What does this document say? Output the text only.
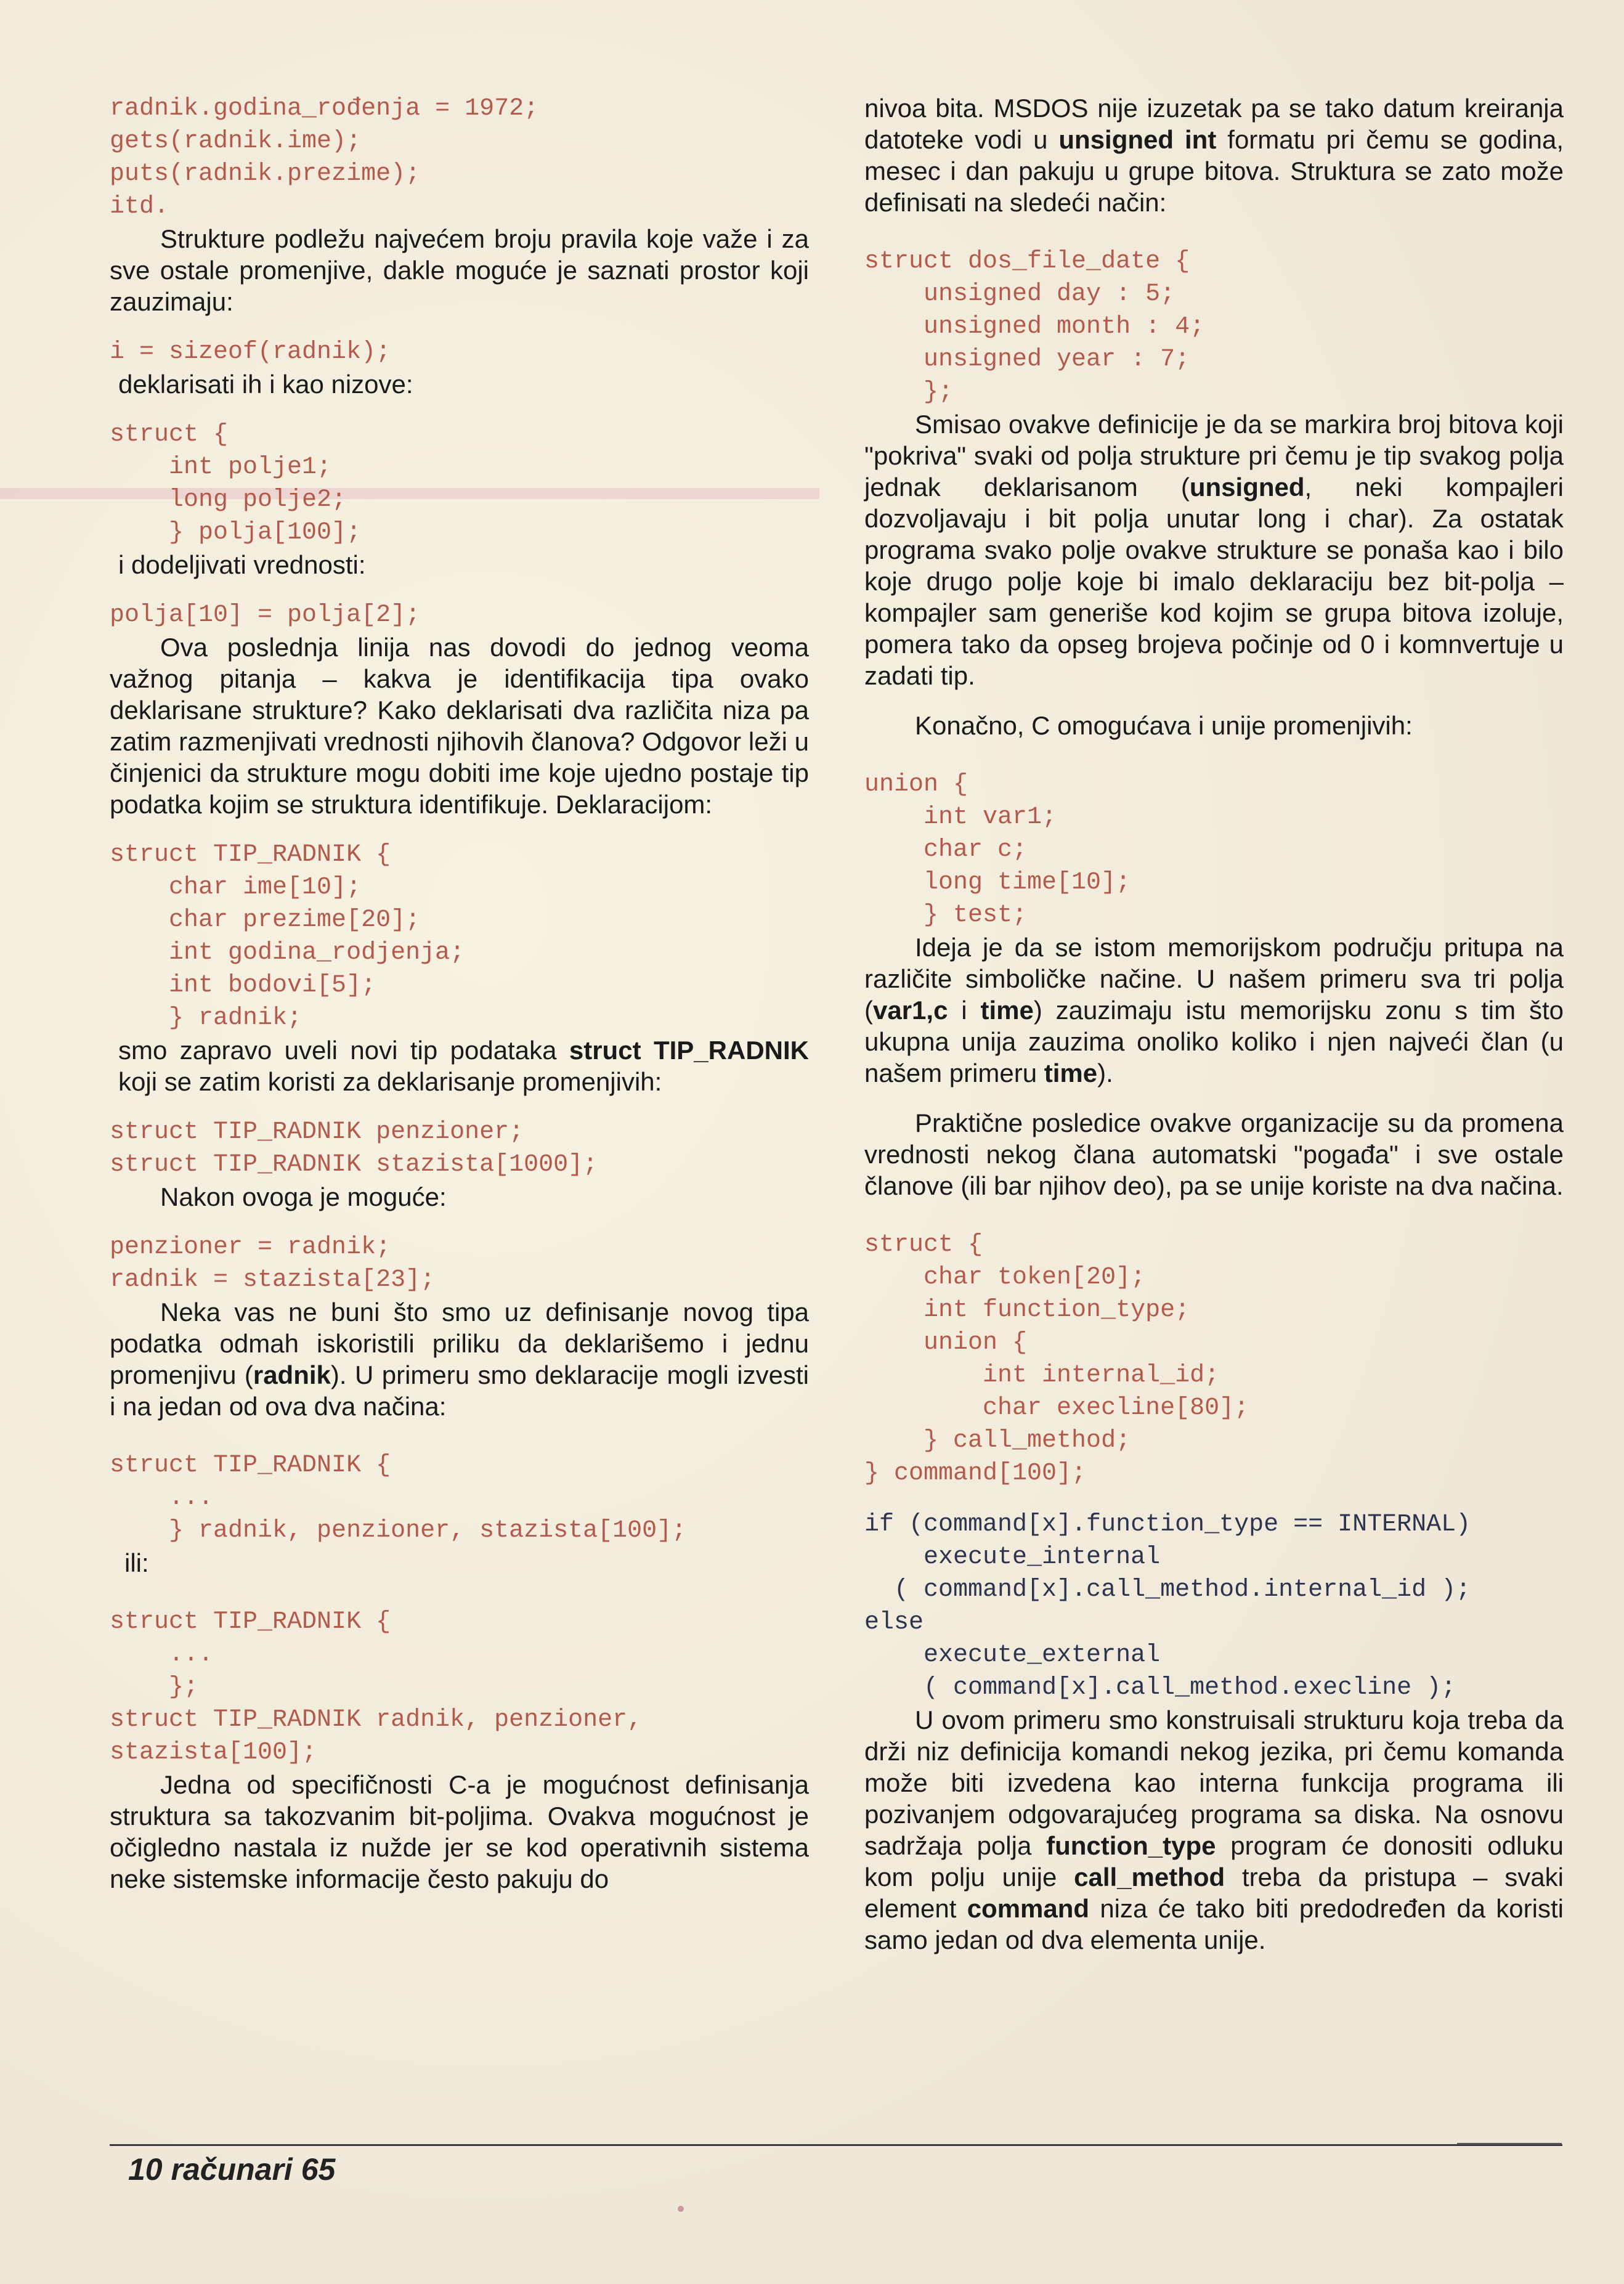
radnik.godina_rođenja = 1972;
gets(radnik.ime);
puts(radnik.prezime);
itd.

Strukture podležu najvećem broju pravila koje važe i za sve ostale promenjive, dakle moguće je saznati prostor koji zauzimaju:

i = sizeof(radnik);

deklarisati ih i kao nizove:

struct {
int polje1;
long polje2;
} polja[100];

i dodeljivati vrednosti:

polja[10] = polja[2];

Ova poslednja linija nas dovodi do jednog veoma važnog pitanja – kakva je identifikacija tipa ovako deklarisane strukture? Kako deklarisati dva različita niza pa zatim razmenjivati vrednosti njihovih članova? Odgovor leži u činjenici da strukture mogu dobiti ime koje ujedno postaje tip podatka kojim se struktura identifikuje. Deklaracijom:

struct TIP_RADNIK {
char ime[10];
char prezime[20];
int godina_rodjenja;
int bodovi[5];
} radnik;

smo zapravo uveli novi tip podataka struct TIP_RADNIK koji se zatim koristi za deklarisanje promenjivih:

struct TIP_RADNIK penzioner;
struct TIP_RADNIK stazista[1000];

Nakon ovoga je moguće:

penzioner = radnik;
radnik = stazista[23];

Neka vas ne buni što smo uz definisanje novog tipa podatka odmah iskoristili priliku da deklarišemo i jednu promenjivu (radnik). U primeru smo deklaracije mogli izvesti i na jedan od ova dva načina:

struct TIP_RADNIK {
...
} radnik, penzioner, stazista[100];

ili:

struct TIP_RADNIK {
...
};
struct TIP_RADNIK radnik, penzioner,
stazista[100];

Jedna od specifičnosti C-a je mogućnost definisanja struktura sa takozvanim bit-poljima. Ovakva mogućnost je očigledno nastala iz nužde jer se kod operativnih sistema neke sistemske informacije često pakuju do

nivoa bita. MSDOS nije izuzetak pa se tako datum kreiranja datoteke vodi u unsigned int formatu pri čemu se godina, mesec i dan pakuju u grupe bitova. Struktura se zato može definisati na sledeći način:

struct dos_file_date {
unsigned day : 5;
unsigned month : 4;
unsigned year : 7;
};

Smisao ovakve definicije je da se markira broj bitova koji "pokriva" svaki od polja strukture pri čemu je tip svakog polja jednak deklarisanom (unsigned, neki kompajleri dozvoljavaju i bit polja unutar long i char). Za ostatak programa svako polje ovakve strukture se ponaša kao i bilo koje drugo polje koje bi imalo deklaraciju bez bit-polja – kompajler sam generiše kod kojim se grupa bitova izoluje, pomera tako da opseg brojeva počinje od 0 i komnvertuje u zadati tip.

Konačno, C omogućava i unije promenjivih:

union {
int var1;
char c;
long time[10];
} test;

Ideja je da se istom memorijskom području pritupa na različite simboličke načine. U našem primeru sva tri polja (var1,c i time) zauzimaju istu memorijsku zonu s tim što ukupna unija zauzima onoliko koliko i njen najveći član (u našem primeru time).

Praktične posledice ovakve organizacije su da promena vrednosti nekog člana automatski "pogađa" i sve ostale članove (ili bar njihov deo), pa se unije koriste na dva načina.

struct {
char token[20];
int function_type;
union {
int internal_id;
char execline[80];
} call_method;
} command[100];
if (command[x].function_type == INTERNAL)
execute_internal
( command[x].call_method.internal_id );
else
execute_external
( command[x].call_method.execline );

U ovom primeru smo konstruisali strukturu koja treba da drži niz definicija komandi nekog jezika, pri čemu komanda može biti izvedena kao interna funkcija programa ili pozivanjem odgovarajućeg programa sa diska. Na osnovu sadržaja polja function_type program će donositi odluku kom polju unije call_method treba da pristupa – svaki element command niza će tako biti predodređen da koristi samo jedan od dva elementa unije.

10 računari 65
